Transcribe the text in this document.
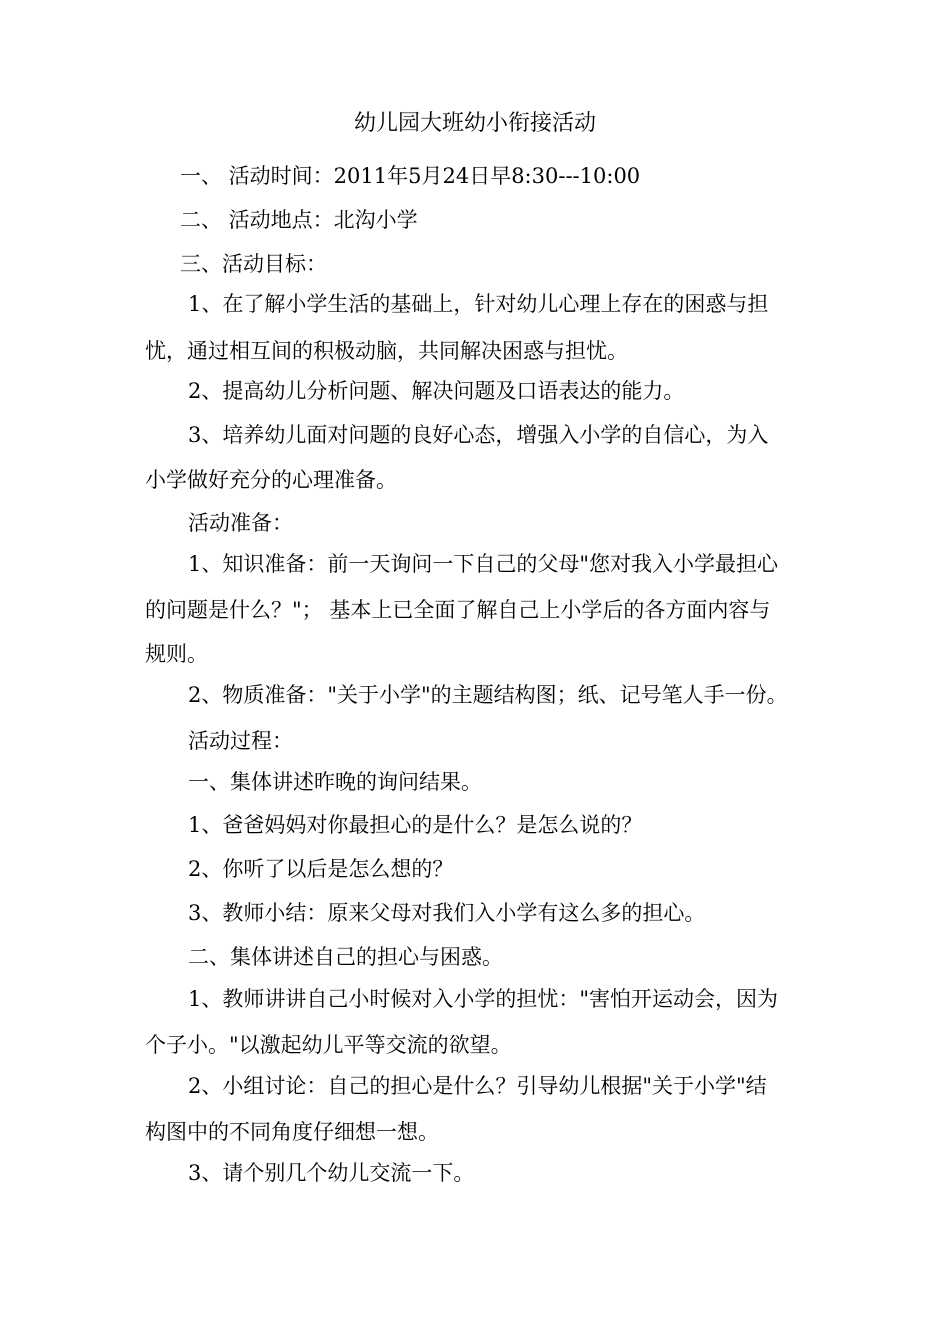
幼儿园大班幼小衔接活动
一、 活动时间：2011年5月24日早8:30---10:00
二、 活动地点：北沟小学
三、活动目标：
1、在了解小学生活的基础上，针对幼儿心理上存在的困惑与担
忧，通过相互间的积极动脑，共同解决困惑与担忧。
2、提高幼儿分析问题、解决问题及口语表达的能力。
3、培养幼儿面对问题的良好心态，增强入小学的自信心，为入
小学做好充分的心理准备。
活动准备：
1、知识准备：前一天询问一下自己的父母"您对我入小学最担心
的问题是什么？"； 基本上已全面了解自己上小学后的各方面内容与
规则。
2、物质准备："关于小学"的主题结构图；纸、记号笔人手一份。
活动过程：
一、集体讲述昨晚的询问结果。
1、爸爸妈妈对你最担心的是什么？是怎么说的？
2、你听了以后是怎么想的？
3、教师小结：原来父母对我们入小学有这么多的担心。
二、集体讲述自己的担心与困惑。
1、教师讲讲自己小时候对入小学的担忧："害怕开运动会，因为
个子小。"以激起幼儿平等交流的欲望。
2、小组讨论：自己的担心是什么？引导幼儿根据"关于小学"结
构图中的不同角度仔细想一想。
3、请个别几个幼儿交流一下。
